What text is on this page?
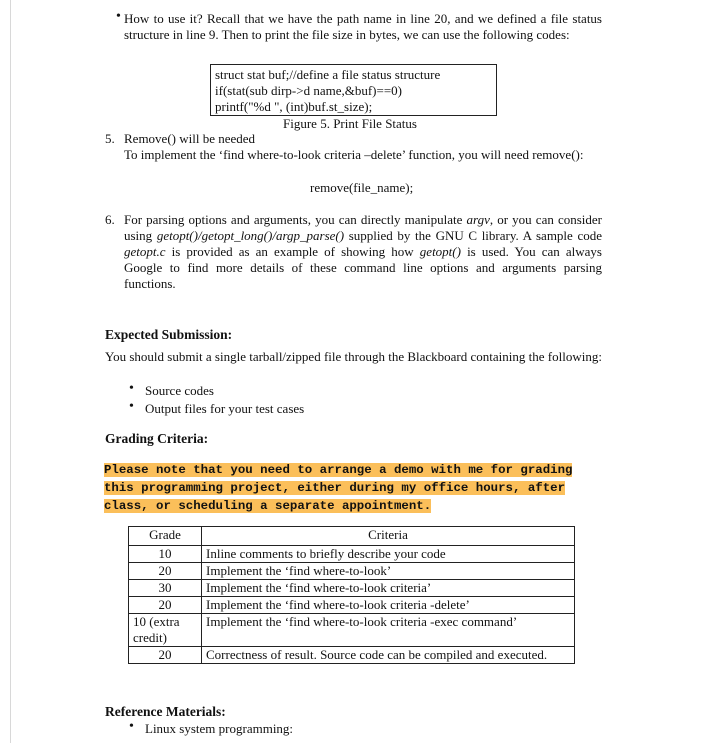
• How to use it? Recall that we have the path name in line 20, and we defined a file status structure in line 9. Then to print the file size in bytes, we can use the following codes:

struct stat buf;//define a file status structure
if(stat(sub dirp->d name,&buf)==0)
printf("%d ", (int)buf.st_size);

Figure 5. Print File Status

5. Remove() will be needed

To implement the ‘find where-to-look criteria –delete’ function, you will need remove():

remove(file_name);

6. For parsing options and arguments, you can directly manipulate argv, or you can consider using getopt()/getopt_long()/argp_parse() supplied by the GNU C library. A sample code getopt.c is provided as an example of showing how getopt() is used. You can always Google to find more details of these command line options and arguments parsing functions.

Expected Submission:

You should submit a single tarball/zipped file through the Blackboard containing the following:

• Source codes

• Output files for your test cases

Grading Criteria:

Please note that you need to arrange a demo with me for grading this programming project, either during my office hours, after class, or scheduling a separate appointment.

Grade	Criteria
10	Inline comments to briefly describe your code
20	Implement the ‘find where-to-look’
30	Implement the ‘find where-to-look criteria’
20	Implement the ‘find where-to-look criteria -delete’
10 (extra credit)	Implement the ‘find where-to-look criteria -exec command’
20	Correctness of result. Source code can be compiled and executed.
Reference Materials:
• Linux system programming:
